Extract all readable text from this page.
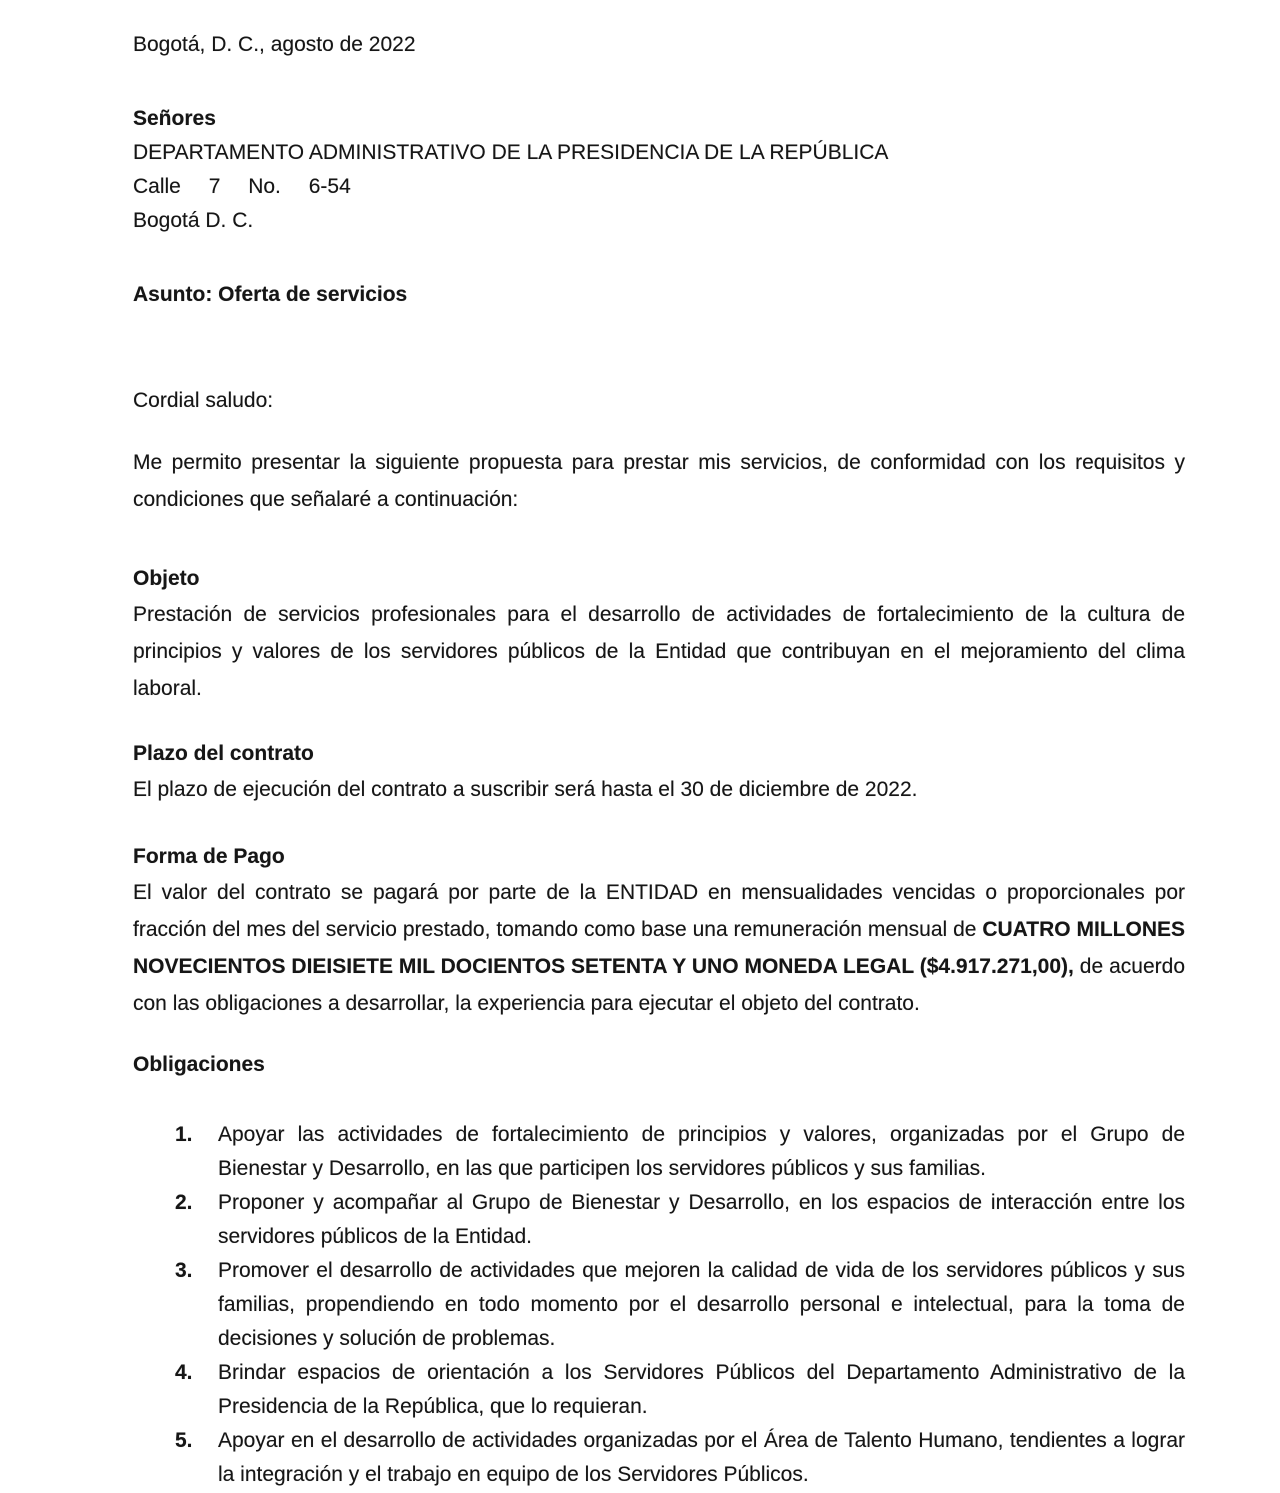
Bogotá, D. C., agosto de 2022
Señores
DEPARTAMENTO ADMINISTRATIVO DE LA PRESIDENCIA DE LA REPÚBLICA
Calle 7 No. 6-54
Bogotá D. C.
Asunto: Oferta de servicios
Cordial saludo:

Me permito presentar la siguiente propuesta para prestar mis servicios, de conformidad con los requisitos y condiciones que señalaré a continuación:

Objeto

Prestación de servicios profesionales para el desarrollo de actividades de fortalecimiento de la cultura de principios y valores de los servidores públicos de la Entidad que contribuyan en el mejoramiento del clima laboral.

Plazo del contrato

El plazo de ejecución del contrato a suscribir será hasta el 30 de diciembre de 2022.

Forma de Pago

El valor del contrato se pagará por parte de la ENTIDAD en mensualidades vencidas o proporcionales por fracción del mes del servicio prestado, tomando como base una remuneración mensual de CUATRO MILLONES NOVECIENTOS DIEISIETE MIL DOCIENTOS SETENTA Y UNO MONEDA LEGAL ($4.917.271,00), de acuerdo con las obligaciones a desarrollar, la experiencia para ejecutar el objeto del contrato.

Obligaciones
1.	Apoyar las actividades de fortalecimiento de principios y valores, organizadas por el Grupo de Bienestar y Desarrollo, en las que participen los servidores públicos y sus familias.
2.	Proponer y acompañar al Grupo de Bienestar y Desarrollo, en los espacios de interacción entre los servidores públicos de la Entidad.
3.	Promover el desarrollo de actividades que mejoren la calidad de vida de los servidores públicos y sus familias, propendiendo en todo momento por el desarrollo personal e intelectual, para la toma de decisiones y solución de problemas.
4.	Brindar espacios de orientación a los Servidores Públicos del Departamento Administrativo de la Presidencia de la República, que lo requieran.
5.	Apoyar en el desarrollo de actividades organizadas por el Área de Talento Humano, tendientes a lograr la integración y el trabajo en equipo de los Servidores Públicos.
